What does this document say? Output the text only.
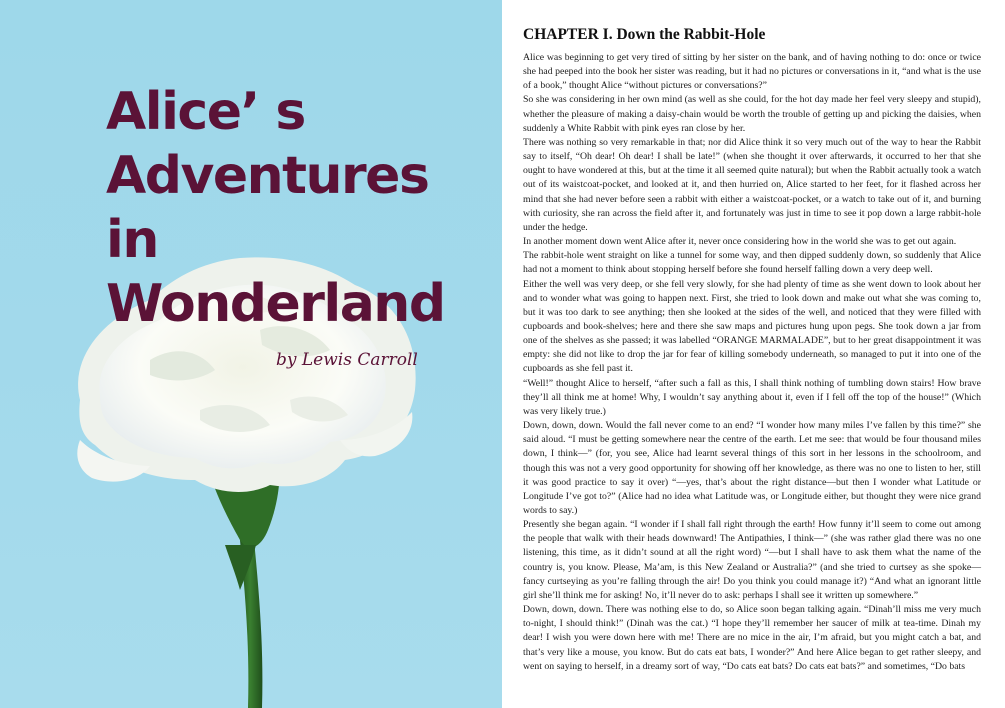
Alice’ s
Adventures
in
Wonderland
by Lewis Carroll
CHAPTER I. Down the Rabbit-Hole

Alice was beginning to get very tired of sitting by her sister on the bank, and of having nothing to do: once or twice she had peeped into the book her sister was reading, but it had no pictures or conversations in it, “and what is the use of a book,” thought Alice “without pictures or conversations?”

So she was considering in her own mind (as well as she could, for the hot day made her feel very sleepy and stupid), whether the pleasure of making a daisy-chain would be worth the trouble of getting up and picking the daisies, when suddenly a White Rabbit with pink eyes ran close by her.

There was nothing so very remarkable in that; nor did Alice think it so very much out of the way to hear the Rabbit say to itself, “Oh dear! Oh dear! I shall be late!” (when she thought it over afterwards, it occurred to her that she ought to have wondered at this, but at the time it all seemed quite natural); but when the Rabbit actually took a watch out of its waistcoat-pocket, and looked at it, and then hurried on, Alice started to her feet, for it flashed across her mind that she had never before seen a rabbit with either a waistcoat-pocket, or a watch to take out of it, and burning with curiosity, she ran across the field after it, and fortunately was just in time to see it pop down a large rabbit-hole under the hedge.

In another moment down went Alice after it, never once considering how in the world she was to get out again.

The rabbit-hole went straight on like a tunnel for some way, and then dipped suddenly down, so suddenly that Alice had not a moment to think about stopping herself before she found herself falling down a very deep well.

Either the well was very deep, or she fell very slowly, for she had plenty of time as she went down to look about her and to wonder what was going to happen next. First, she tried to look down and make out what she was coming to, but it was too dark to see anything; then she looked at the sides of the well, and noticed that they were filled with cupboards and book-shelves; here and there she saw maps and pictures hung upon pegs. She took down a jar from one of the shelves as she passed; it was labelled “ORANGE MARMALADE”, but to her great disappointment it was empty: she did not like to drop the jar for fear of killing somebody underneath, so managed to put it into one of the cupboards as she fell past it.

“Well!” thought Alice to herself, “after such a fall as this, I shall think nothing of tumbling down stairs! How brave they’ll all think me at home! Why, I wouldn’t say anything about it, even if I fell off the top of the house!” (Which was very likely true.)

Down, down, down. Would the fall never come to an end? “I wonder how many miles I’ve fallen by this time?” she said aloud. “I must be getting somewhere near the centre of the earth. Let me see: that would be four thousand miles down, I think—” (for, you see, Alice had learnt several things of this sort in her lessons in the schoolroom, and though this was not a very good opportunity for showing off her knowledge, as there was no one to listen to her, still it was good practice to say it over) “—yes, that’s about the right distance—but then I wonder what Latitude or Longitude I’ve got to?” (Alice had no idea what Latitude was, or Longitude either, but thought they were nice grand words to say.)

Presently she began again. “I wonder if I shall fall right through the earth! How funny it’ll seem to come out among the people that walk with their heads downward! The Antipathies, I think—” (she was rather glad there was no one listening, this time, as it didn’t sound at all the right word) “—but I shall have to ask them what the name of the country is, you know. Please, Ma’am, is this New Zealand or Australia?” (and she tried to curtsey as she spoke—fancy curtseying as you’re falling through the air! Do you think you could manage it?) “And what an ignorant little girl she’ll think me for asking! No, it’ll never do to ask: perhaps I shall see it written up somewhere.”

Down, down, down. There was nothing else to do, so Alice soon began talking again. “Dinah’ll miss me very much to-night, I should think!” (Dinah was the cat.) “I hope they’ll remember her saucer of milk at tea-time. Dinah my dear! I wish you were down here with me! There are no mice in the air, I’m afraid, but you might catch a bat, and that’s very like a mouse, you know. But do cats eat bats, I wonder?” And here Alice began to get rather sleepy, and went on saying to herself, in a dreamy sort of way, “Do cats eat bats? Do cats eat bats?” and sometimes, “Do bats
